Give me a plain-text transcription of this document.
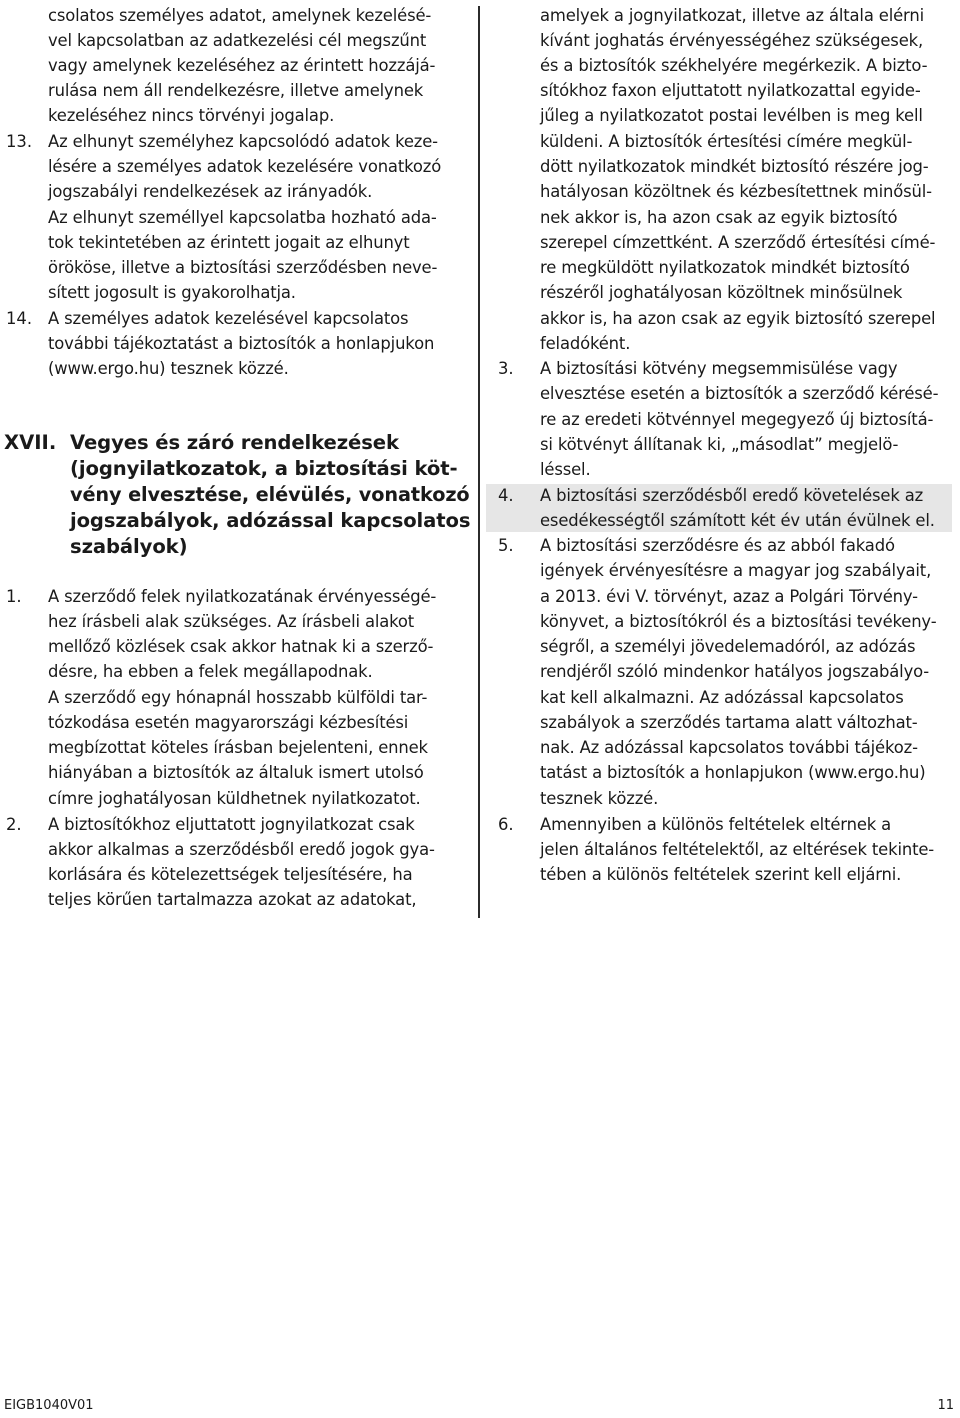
csolatos személyes adatot, amelynek kezelésé-
vel kapcsolatban az adatkezelési cél megszűnt
vagy amelynek kezeléséhez az érintett hozzájá-
rulása nem áll rendelkezésre, illetve amelynek
kezeléséhez nincs törvényi jogalap.
13. Az elhunyt személyhez kapcsolódó adatok keze-
lésére a személyes adatok kezelésére vonatkozó
jogszabályi rendelkezések az irányadók.
Az elhunyt személlyel kapcsolatba hozható ada-
tok tekintetében az érintett jogait az elhunyt
örököse, illetve a biztosítási szerződésben neve-
sített jogosult is gyakorolhatja.
14. A személyes adatok kezelésével kapcsolatos
további tájékoztatást a biztosítók a honlapjukon
(www.ergo.hu) tesznek közzé.
XVII. Vegyes és záró rendelkezések
(jognyilatkozatok, a biztosítási köt-
vény elvesztése, elévülés, vonatkozó
jogszabályok, adózással kapcsolatos
szabályok)
1. A szerződő felek nyilatkozatának érvényességé-
hez írásbeli alak szükséges. Az írásbeli alakot
mellőző közlések csak akkor hatnak ki a szerző-
désre, ha ebben a felek megállapodnak.
A szerződő egy hónapnál hosszabb külföldi tar-
tózkodása esetén magyarországi kézbesítési
megbízottat köteles írásban bejelenteni, ennek
hiányában a biztosítók az általuk ismert utolsó
címre joghatályosan küldhetnek nyilatkozatot.
2. A biztosítókhoz eljuttatott jognyilatkozat csak
akkor alkalmas a szerződésből eredő jogok gya-
korlására és kötelezettségek teljesítésére, ha
teljes körűen tartalmazza azokat az adatokat,
amelyek a jognyilatkozat, illetve az általa elérni
kívánt joghatás érvényességéhez szükségesek,
és a biztosítók székhelyére megérkezik. A bizto-
sítókhoz faxon eljuttatott nyilatkozattal egyide-
jűleg a nyilatkozatot postai levélben is meg kell
küldeni. A biztosítók értesítési címére megkül-
dött nyilatkozatok mindkét biztosító részére jog-
hatályosan közöltnek és kézbesítettnek minősül-
nek akkor is, ha azon csak az egyik biztosító
szerepel címzettként. A szerződő értesítési címé-
re megküldött nyilatkozatok mindkét biztosító
részéről joghatályosan közöltnek minősülnek
akkor is, ha azon csak az egyik biztosító szerepel
feladóként.
3. A biztosítási kötvény megsemmisülése vagy
elvesztése esetén a biztosítók a szerződő kérésé-
re az eredeti kötvénnyel megegyező új biztosítá-
si kötvényt állítanak ki, „másodlat” megjelö-
léssel.
4. A biztosítási szerződésből eredő követelések az
esedékességtől számított két év után évülnek el.
5. A biztosítási szerződésre és az abból fakadó
igények érvényesítésre a magyar jog szabályait,
a 2013. évi V. törvényt, azaz a Polgári Törvény-
könyvet, a biztosítókról és a biztosítási tevékeny-
ségről, a személyi jövedelemadóról, az adózás
rendjéről szóló mindenkor hatályos jogszabályo-
kat kell alkalmazni. Az adózással kapcsolatos
szabályok a szerződés tartama alatt változhat-
nak. Az adózással kapcsolatos további tájékoz-
tatást a biztosítók a honlapjukon (www.ergo.hu)
tesznek közzé.
6. Amennyiben a különös feltételek eltérnek a
jelen általános feltételektől, az eltérések tekinte-
tében a különös feltételek szerint kell eljárni.
EIGB1040V01	11
